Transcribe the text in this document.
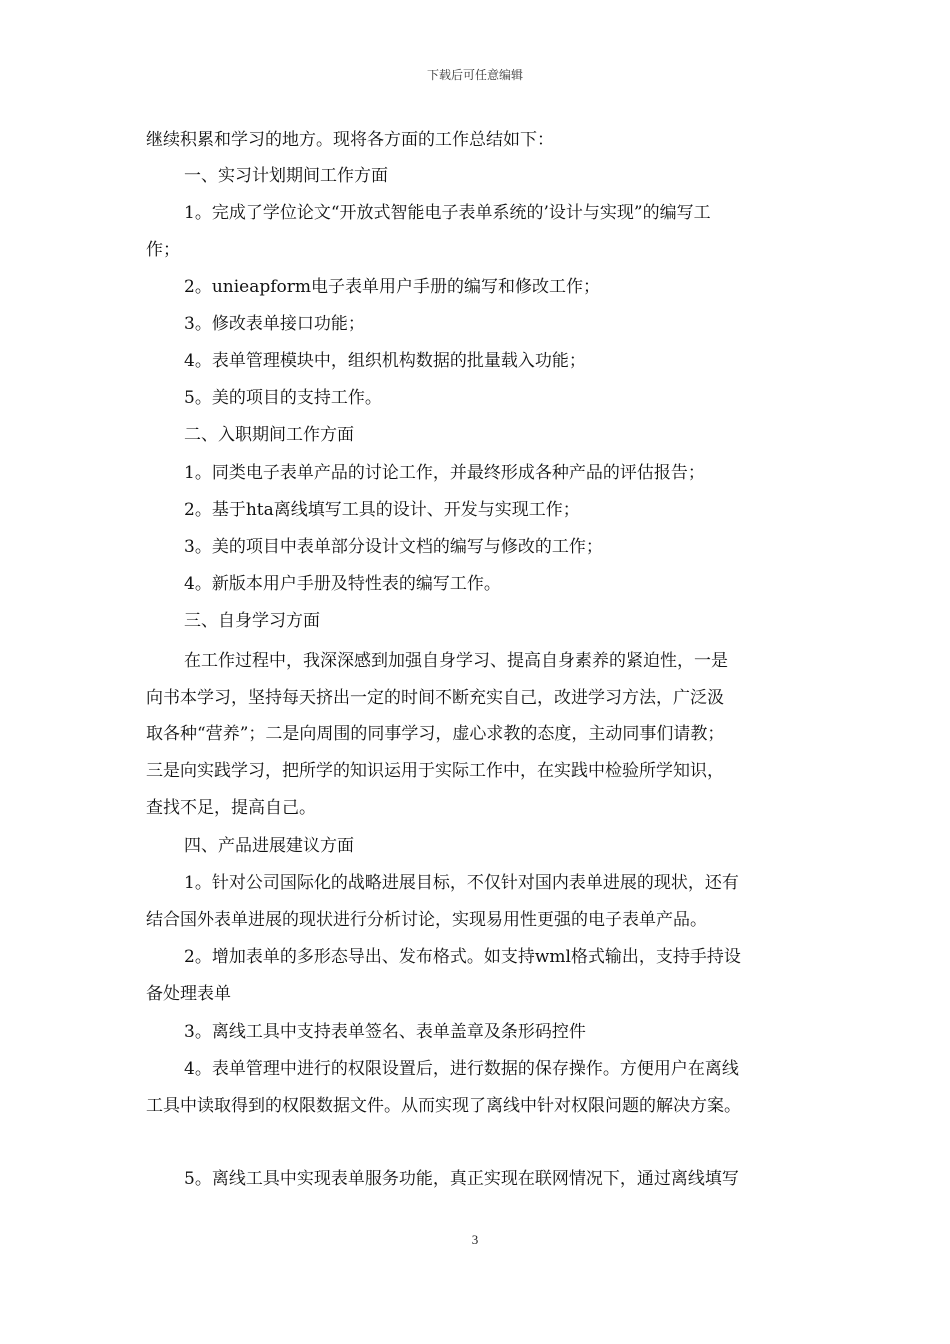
下载后可任意编辑
继续积累和学习的地方。现将各方面的工作总结如下：
一、实习计划期间工作方面
1。完成了学位论文“开放式智能电子表单系统的’设计与实现”的编写工
作；
2。unieapform电子表单用户手册的编写和修改工作；
3。修改表单接口功能；
4。表单管理模块中，组织机构数据的批量载入功能；
5。美的项目的支持工作。
二、入职期间工作方面
1。同类电子表单产品的讨论工作，并最终形成各种产品的评估报告；
2。基于hta离线填写工具的设计、开发与实现工作；
3。美的项目中表单部分设计文档的编写与修改的工作；
4。新版本用户手册及特性表的编写工作。
三、自身学习方面
在工作过程中，我深深感到加强自身学习、提高自身素养的紧迫性，一是
向书本学习，坚持每天挤出一定的时间不断充实自己，改进学习方法，广泛汲
取各种“营养”；二是向周围的同事学习，虚心求教的态度，主动同事们请教；
三是向实践学习，把所学的知识运用于实际工作中，在实践中检验所学知识，
查找不足，提高自己。
四、产品进展建议方面
1。针对公司国际化的战略进展目标，不仅针对国内表单进展的现状，还有
结合国外表单进展的现状进行分析讨论，实现易用性更强的电子表单产品。
2。增加表单的多形态导出、发布格式。如支持wml格式输出，支持手持设
备处理表单
3。离线工具中支持表单签名、表单盖章及条形码控件
4。表单管理中进行的权限设置后，进行数据的保存操作。方便用户在离线
工具中读取得到的权限数据文件。从而实现了离线中针对权限问题的解决方案。
5。离线工具中实现表单服务功能，真正实现在联网情况下，通过离线填写
3
